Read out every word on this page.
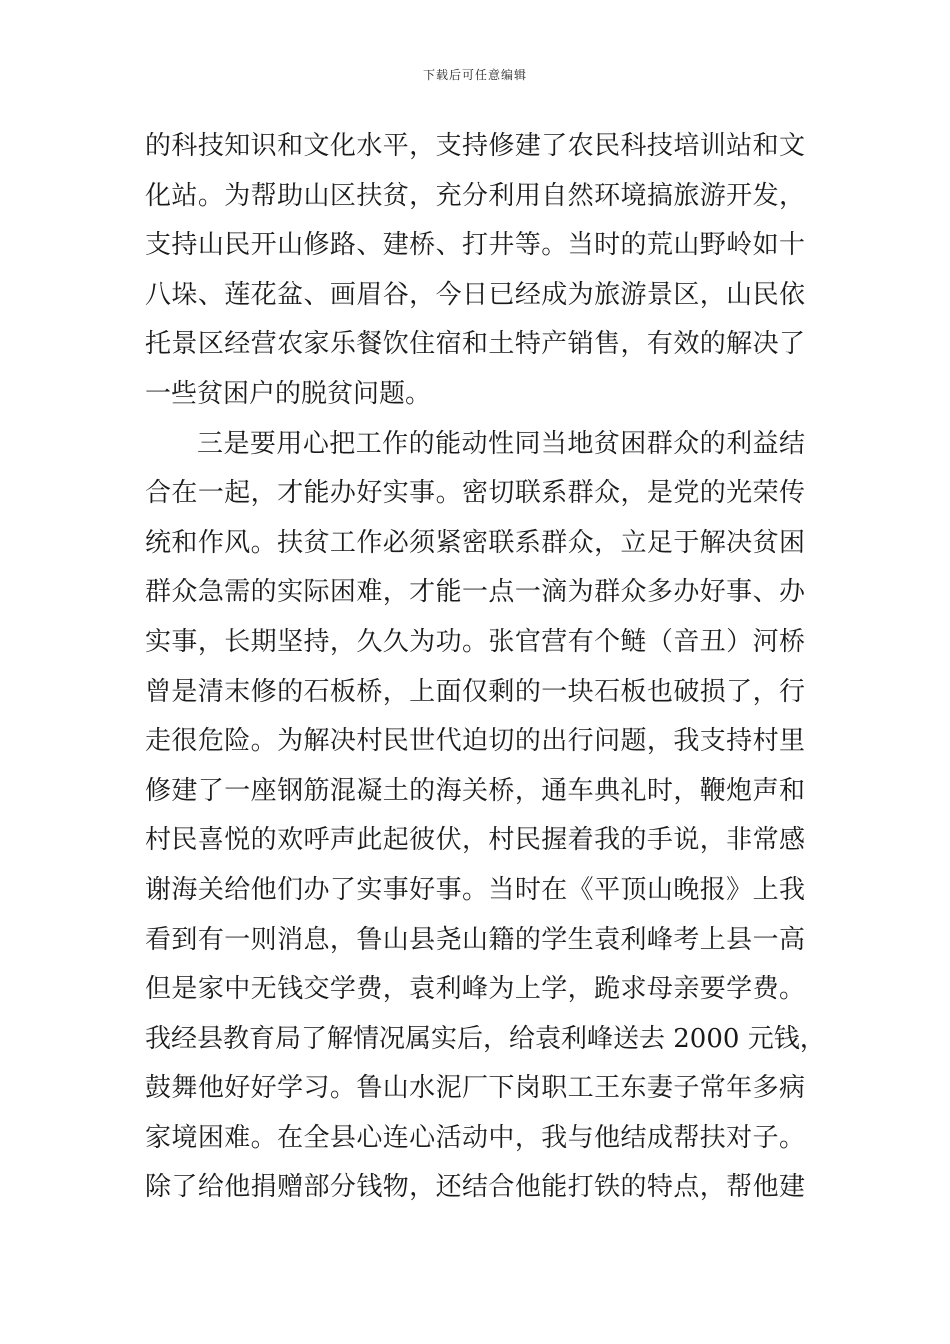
下载后可任意编辑
的科技知识和文化水平，支持修建了农民科技培训站和文
化站。为帮助山区扶贫，充分利用自然环境搞旅游开发，
支持山民开山修路、建桥、打井等。当时的荒山野岭如十
八垛、莲花盆、画眉谷，今日已经成为旅游景区，山民依
托景区经营农家乐餐饮住宿和土特产销售，有效的解决了
一些贫困户的脱贫问题。
三是要用心把工作的能动性同当地贫困群众的利益结
合在一起，才能办好实事。密切联系群众，是党的光荣传
统和作风。扶贫工作必须紧密联系群众，立足于解决贫困
群众急需的实际困难，才能一点一滴为群众多办好事、办
实事，长期坚持，久久为功。张官营有个鲢（音丑）河桥
曾是清末修的石板桥，上面仅剩的一块石板也破损了，行
走很危险。为解决村民世代迫切的出行问题，我支持村里
修建了一座钢筋混凝土的海关桥，通车典礼时，鞭炮声和
村民喜悦的欢呼声此起彼伏，村民握着我的手说，非常感
谢海关给他们办了实事好事。当时在《平顶山晚报》上我
看到有一则消息，鲁山县尧山籍的学生袁利峰考上县一高
但是家中无钱交学费，袁利峰为上学，跪求母亲要学费。
我经县教育局了解情况属实后，给袁利峰送去 2000 元钱，
鼓舞他好好学习。鲁山水泥厂下岗职工王东妻子常年多病
家境困难。在全县心连心活动中，我与他结成帮扶对子。
除了给他捐赠部分钱物，还结合他能打铁的特点，帮他建
